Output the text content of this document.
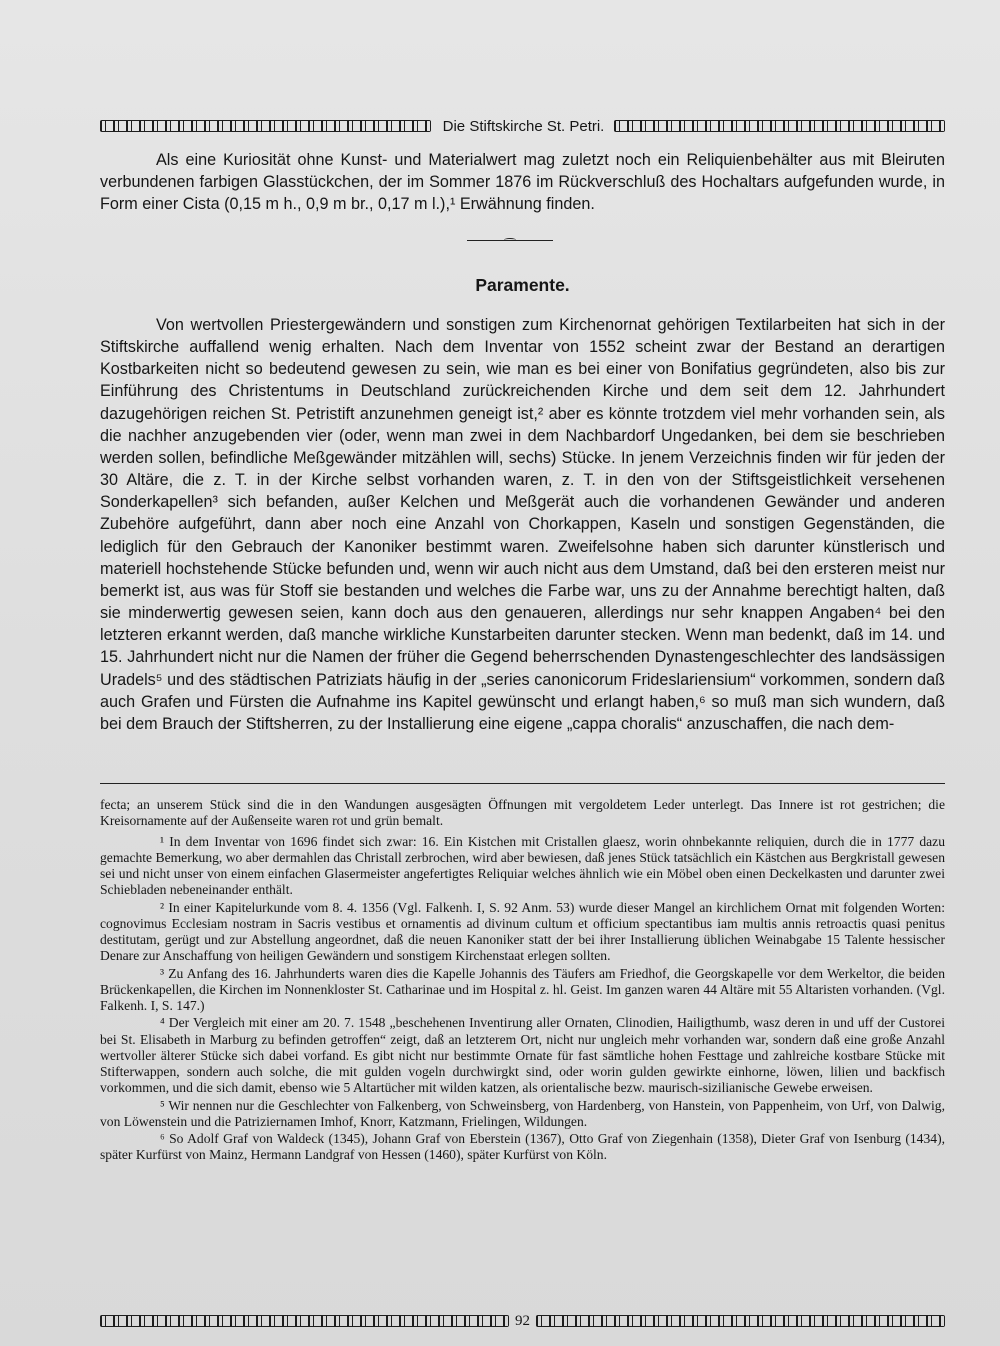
Die Stiftskirche St. Petri.

Als eine Kuriosität ohne Kunst- und Materialwert mag zuletzt noch ein Reliquienbehälter aus mit Bleiruten verbundenen farbigen Glasstückchen, der im Sommer 1876 im Rückverschluß des Hochaltars aufgefunden wurde, in Form einer Cista (0,15 m h., 0,9 m br., 0,17 m l.),¹ Erwähnung finden.

Paramente.

Von wertvollen Priestergewändern und sonstigen zum Kirchenornat gehörigen Textilarbeiten hat sich in der Stiftskirche auffallend wenig erhalten. Nach dem Inventar von 1552 scheint zwar der Bestand an derartigen Kostbarkeiten nicht so bedeutend gewesen zu sein, wie man es bei einer von Bonifatius gegründeten, also bis zur Einführung des Christentums in Deutschland zurückreichenden Kirche und dem seit dem 12. Jahrhundert dazugehörigen reichen St. Petristift anzunehmen geneigt ist,² aber es könnte trotzdem viel mehr vorhanden sein, als die nachher anzugebenden vier (oder, wenn man zwei in dem Nachbardorf Ungedanken, bei dem sie beschrieben werden sollen, befindliche Meßgewänder mitzählen will, sechs) Stücke. In jenem Verzeichnis finden wir für jeden der 30 Altäre, die z. T. in der Kirche selbst vorhanden waren, z. T. in den von der Stiftsgeistlichkeit versehenen Sonderkapellen³ sich befanden, außer Kelchen und Meßgerät auch die vorhandenen Gewänder und anderen Zubehöre aufgeführt, dann aber noch eine Anzahl von Chorkappen, Kaseln und sonstigen Gegenständen, die lediglich für den Gebrauch der Kanoniker bestimmt waren. Zweifelsohne haben sich darunter künstlerisch und materiell hochstehende Stücke befunden und, wenn wir auch nicht aus dem Umstand, daß bei den ersteren meist nur bemerkt ist, aus was für Stoff sie bestanden und welches die Farbe war, uns zu der Annahme berechtigt halten, daß sie minderwertig gewesen seien, kann doch aus den genaueren, allerdings nur sehr knappen Angaben⁴ bei den letzteren erkannt werden, daß manche wirkliche Kunstarbeiten darunter stecken. Wenn man bedenkt, daß im 14. und 15. Jahrhundert nicht nur die Namen der früher die Gegend beherrschenden Dynastengeschlechter des landsässigen Uradels⁵ und des städtischen Patriziats häufig in der „series canonicorum Frideslariensium“ vorkommen, sondern daß auch Grafen und Fürsten die Aufnahme ins Kapitel gewünscht und erlangt haben,⁶ so muß man sich wundern, daß bei dem Brauch der Stiftsherren, zu der Installierung eine eigene „cappa choralis“ anzuschaffen, die nach dem-

fecta; an unserem Stück sind die in den Wandungen ausgesägten Öffnungen mit vergoldetem Leder unterlegt. Das Innere ist rot gestrichen; die Kreisornamente auf der Außenseite waren rot und grün bemalt.

¹ In dem Inventar von 1696 findet sich zwar: 16. Ein Kistchen mit Cristallen glaesz, worin ohnbekannte reliquien, durch die in 1777 dazu gemachte Bemerkung, wo aber dermahlen das Christall zerbrochen, wird aber bewiesen, daß jenes Stück tatsächlich ein Kästchen aus Bergkristall gewesen sei und nicht unser von einem einfachen Glasermeister angefertigtes Reliquiar welches ähnlich wie ein Möbel oben einen Deckelkasten und darunter zwei Schiebladen nebeneinander enthält.

² In einer Kapitelurkunde vom 8. 4. 1356 (Vgl. Falkenh. I, S. 92 Anm. 53) wurde dieser Mangel an kirchlichem Ornat mit folgenden Worten: cognovimus Ecclesiam nostram in Sacris vestibus et ornamentis ad divinum cultum et officium spectantibus iam multis annis retroactis quasi penitus destitutam, gerügt und zur Abstellung angeordnet, daß die neuen Kanoniker statt der bei ihrer Installierung üblichen Weinabgabe 15 Talente hessischer Denare zur Anschaffung von heiligen Gewändern und sonstigem Kirchenstaat erlegen sollten.

³ Zu Anfang des 16. Jahrhunderts waren dies die Kapelle Johannis des Täufers am Friedhof, die Georgskapelle vor dem Werkeltor, die beiden Brückenkapellen, die Kirchen im Nonnenkloster St. Catharinae und im Hospital z. hl. Geist. Im ganzen waren 44 Altäre mit 55 Altaristen vorhanden. (Vgl. Falkenh. I, S. 147.)

⁴ Der Vergleich mit einer am 20. 7. 1548 „beschehenen Inventirung aller Ornaten, Clinodien, Hailigthumb, wasz deren in und uff der Custorei bei St. Elisabeth in Marburg zu befinden getroffen“ zeigt, daß an letzterem Ort, nicht nur ungleich mehr vorhanden war, sondern daß eine große Anzahl wertvoller älterer Stücke sich dabei vorfand. Es gibt nicht nur bestimmte Ornate für fast sämtliche hohen Festtage und zahlreiche kostbare Stücke mit Stifterwappen, sondern auch solche, die mit gulden vogeln durchwirgkt sind, oder worin gulden gewirkte einhorne, löwen, lilien und backfisch vorkommen, und die sich damit, ebenso wie 5 Altartücher mit wilden katzen, als orientalische bezw. maurisch-sizilianische Gewebe erweisen.

⁵ Wir nennen nur die Geschlechter von Falkenberg, von Schweinsberg, von Hardenberg, von Hanstein, von Pappenheim, von Urf, von Dalwig, von Löwenstein und die Patriziernamen Imhof, Knorr, Katzmann, Frielingen, Wildungen.

⁶ So Adolf Graf von Waldeck (1345), Johann Graf von Eberstein (1367), Otto Graf von Ziegenhain (1358), Dieter Graf von Isenburg (1434), später Kurfürst von Mainz, Hermann Landgraf von Hessen (1460), später Kurfürst von Köln.

92
